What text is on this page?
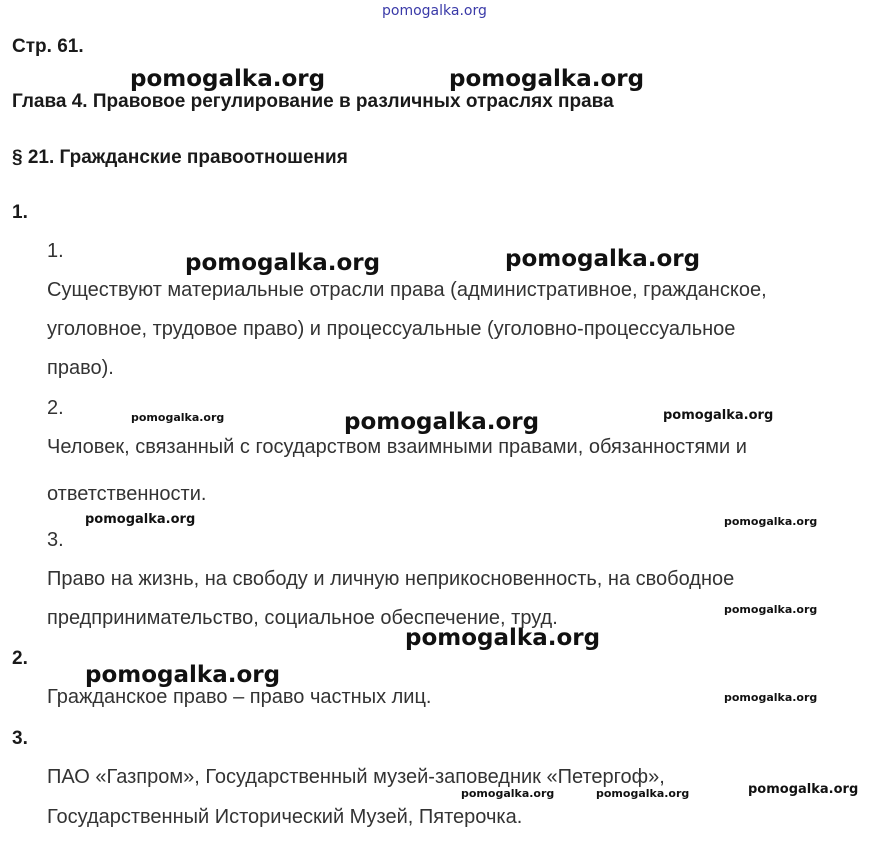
pomogalka.org
Стр. 61.
Глава 4. Правовое регулирование в различных отраслях права
§ 21. Гражданские правоотношения
1.
1.
Существуют материальные отрасли права (административное, гражданское,
уголовное, трудовое право) и процессуальные (уголовно-процессуальное
право).
2.
Человек, связанный с государством взаимными правами, обязанностями и
ответственности.
3.
Право на жизнь, на свободу и личную неприкосновенность, на свободное
предпринимательство, социальное обеспечение, труд.
2.
Гражданское право – право частных лиц.
3.
ПАО «Газпром», Государственный музей-заповедник «Петергоф»,
Государственный Исторический Музей, Пятерочка.
pomogalka.org	pomogalka.org
pomogalka.org	pomogalka.org
pomogalka.org	pomogalka.org	pomogalka.org
pomogalka.org	pomogalka.org
pomogalka.org
pomogalka.org
pomogalka.org
pomogalka.org
pomogalka.org	pomogalka.org	pomogalka.org
